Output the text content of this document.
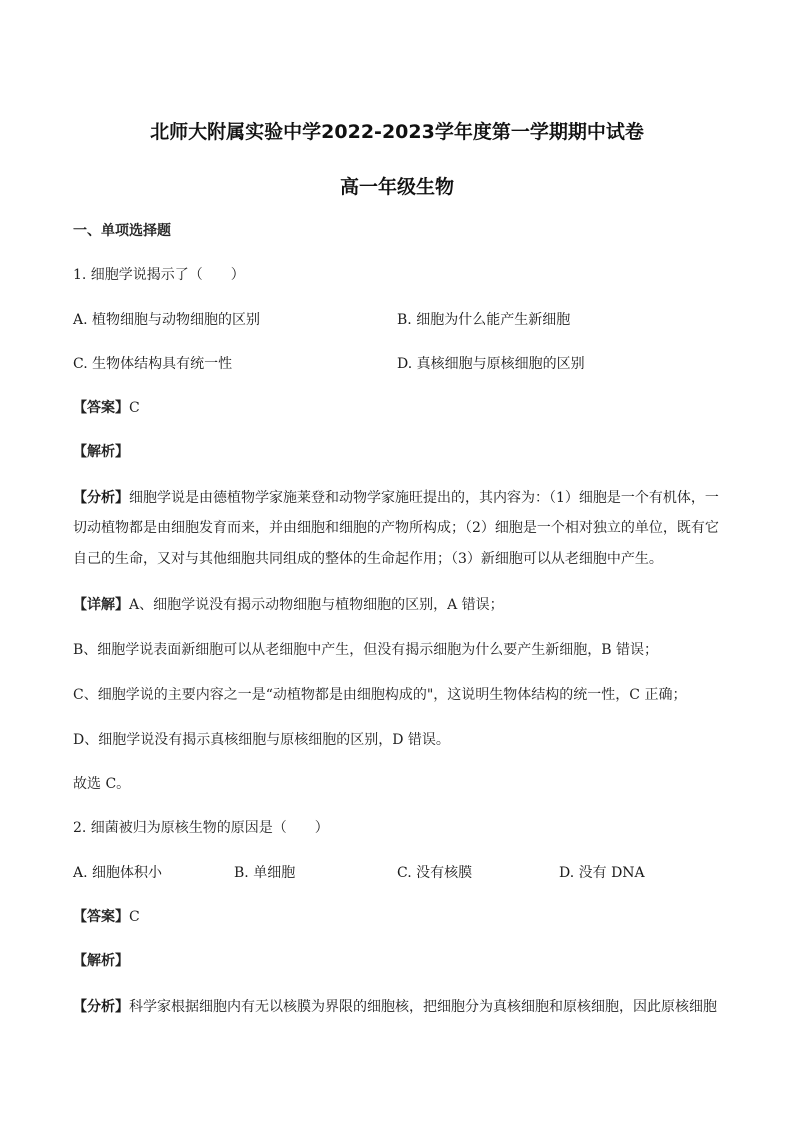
北师大附属实验中学2022-2023学年度第一学期期中试卷
高一年级生物
一、单项选择题
1. 细胞学说揭示了（　　）
A. 植物细胞与动物细胞的区别	B. 细胞为什么能产生新细胞
C. 生物体结构具有统一性	D. 真核细胞与原核细胞的区别
【答案】C
【解析】
【分析】细胞学说是由德植物学家施莱登和动物学家施旺提出的，其内容为：（1）细胞是一个有机体，一
切动植物都是由细胞发育而来，并由细胞和细胞的产物所构成；（2）细胞是一个相对独立的单位，既有它
自己的生命，又对与其他细胞共同组成的整体的生命起作用；（3）新细胞可以从老细胞中产生。
【详解】A、细胞学说没有揭示动物细胞与植物细胞的区别，A 错误；
B、细胞学说表面新细胞可以从老细胞中产生，但没有揭示细胞为什么要产生新细胞，B 错误；
C、细胞学说的主要内容之一是“动植物都是由细胞构成的"，这说明生物体结构的统一性，C 正确；
D、细胞学说没有揭示真核细胞与原核细胞的区别，D 错误。
故选 C。
2. 细菌被归为原核生物的原因是（　　）
A. 细胞体积小	B. 单细胞	C. 没有核膜	D. 没有 DNA
【答案】C
【解析】
【分析】科学家根据细胞内有无以核膜为界限的细胞核，把细胞分为真核细胞和原核细胞，因此原核细胞
